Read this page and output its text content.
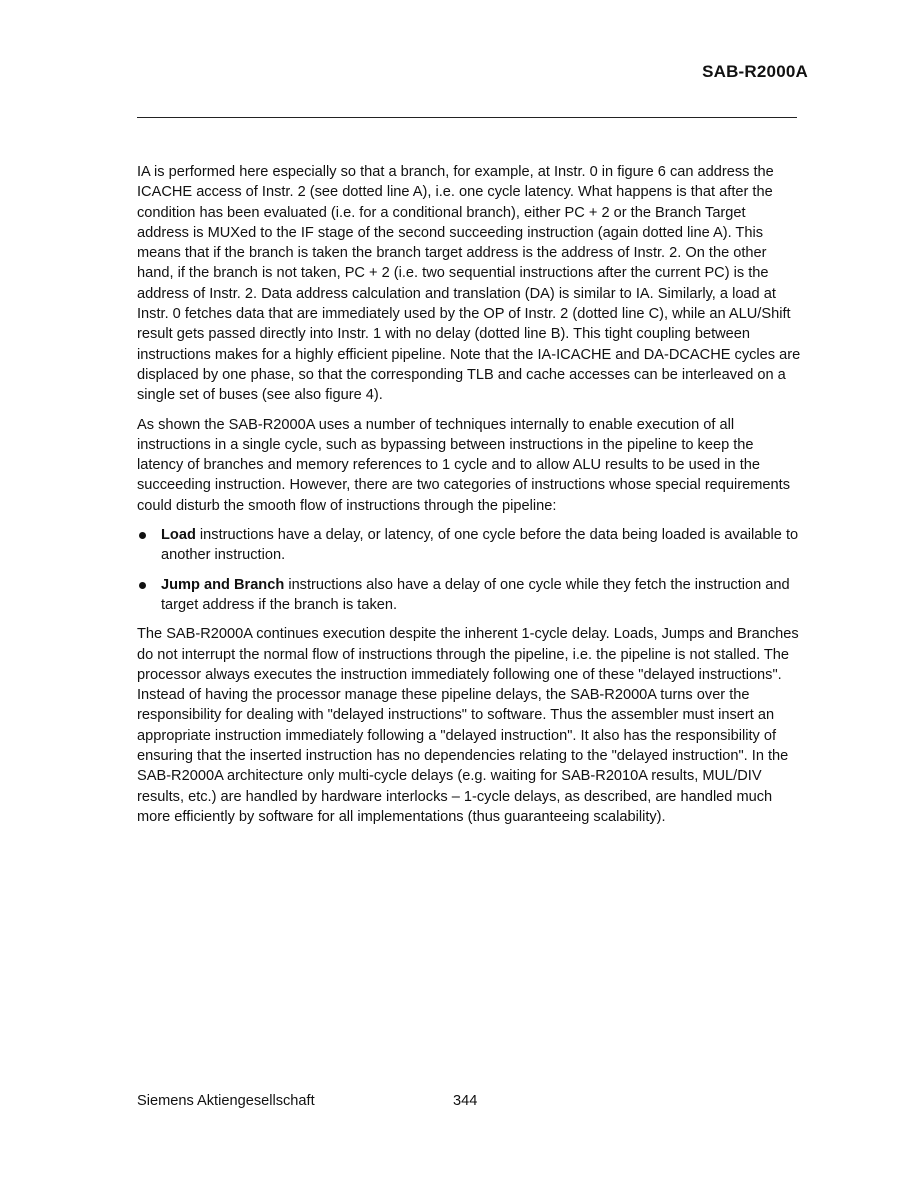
SAB-R2000A

IA is performed here especially so that a branch, for example, at Instr. 0 in figure 6 can address the ICACHE access of Instr. 2 (see dotted line A), i.e. one cycle latency. What happens is that after the condition has been evaluated (i.e. for a conditional branch), either PC + 2 or the Branch Target address is MUXed to the IF stage of the second succeeding instruction (again dotted line A). This means that if the branch is taken the branch target address is the address of Instr. 2. On the other hand, if the branch is not taken, PC + 2 (i.e. two sequential instructions after the current PC) is the address of Instr. 2. Data address calculation and translation (DA) is similar to IA. Similarly, a load at Instr. 0 fetches data that are immediately used by the OP of Instr. 2 (dotted line C), while an ALU/Shift result gets passed directly into Instr. 1 with no delay (dotted line B). This tight coupling between instructions makes for a highly efficient pipeline. Note that the IA-ICACHE and DA-DCACHE cycles are displaced by one phase, so that the corresponding TLB and cache accesses can be interleaved on a single set of buses (see also figure 4).

As shown the SAB-R2000A uses a number of techniques internally to enable execution of all instructions in a single cycle, such as bypassing between instructions in the pipeline to keep the latency of branches and memory references to 1 cycle and to allow ALU results to be used in the succeeding instruction. However, there are two categories of instructions whose special requirements could disturb the smooth flow of instructions through the pipeline:

Load instructions have a delay, or latency, of one cycle before the data being loaded is available to another instruction.
Jump and Branch instructions also have a delay of one cycle while they fetch the instruction and target address if the branch is taken.

The SAB-R2000A continues execution despite the inherent 1-cycle delay. Loads, Jumps and Branches do not interrupt the normal flow of instructions through the pipeline, i.e. the pipeline is not stalled. The processor always executes the instruction immediately following one of these "delayed instructions". Instead of having the processor manage these pipeline delays, the SAB-R2000A turns over the responsibility for dealing with "delayed instructions" to software. Thus the assembler must insert an appropriate instruction immediately following a "delayed instruction". It also has the responsibility of ensuring that the inserted instruction has no dependencies relating to the "delayed instruction". In the SAB-R2000A architecture only multi-cycle delays (e.g. waiting for SAB-R2010A results, MUL/DIV results, etc.) are handled by hardware interlocks – 1-cycle delays, as described, are handled much more efficiently by software for all implementations (thus guaranteeing scalability).

Siemens Aktiengesellschaft	344
